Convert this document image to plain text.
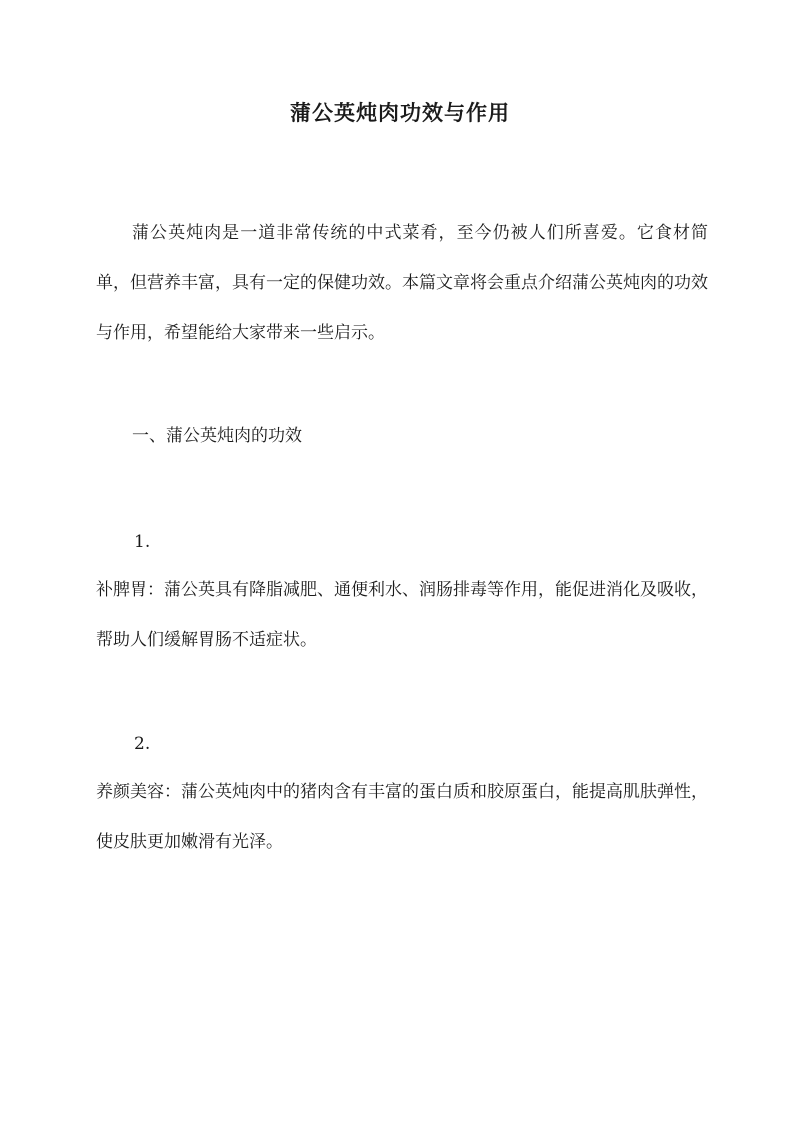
蒲公英炖肉功效与作用

蒲公英炖肉是一道非常传统的中式菜肴，至今仍被人们所喜爱。它食材简单，但营养丰富，具有一定的保健功效。本篇文章将会重点介绍蒲公英炖肉的功效与作用，希望能给大家带来一些启示。

一、蒲公英炖肉的功效

1.

补脾胃：蒲公英具有降脂减肥、通便利水、润肠排毒等作用，能促进消化及吸收，帮助人们缓解胃肠不适症状。

2.

养颜美容：蒲公英炖肉中的猪肉含有丰富的蛋白质和胶原蛋白，能提高肌肤弹性，使皮肤更加嫩滑有光泽。
